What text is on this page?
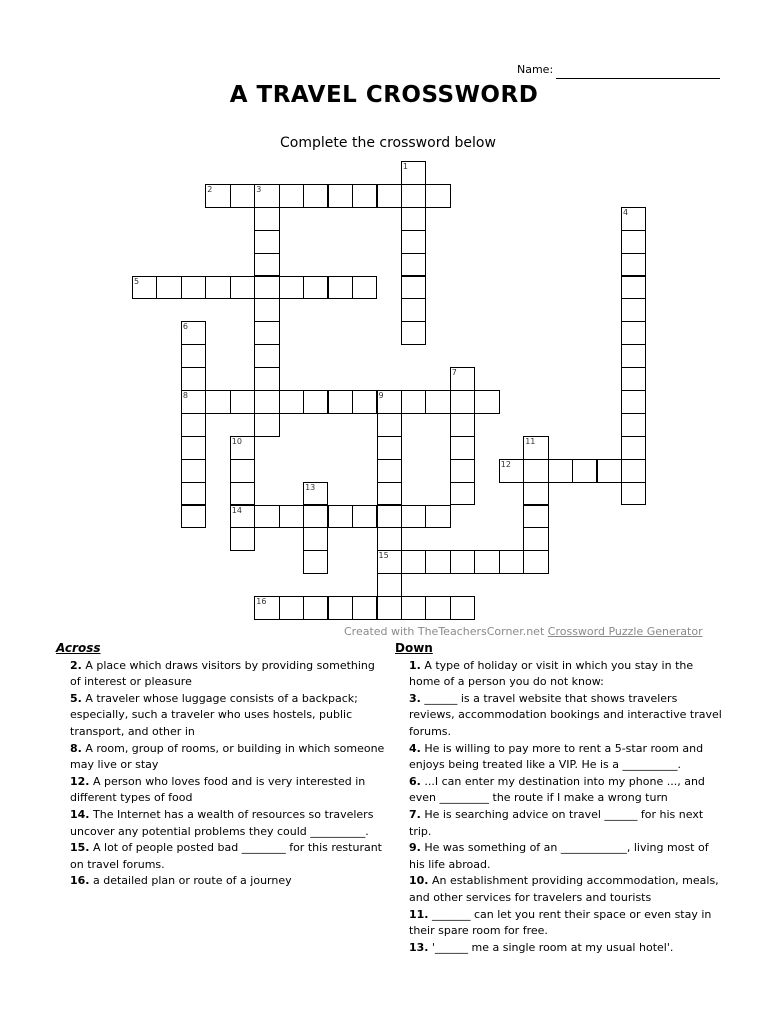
Name:
A TRAVEL CROSSWORD
Complete the crossword below
1
2	3
4
5
6
7
8	9
10	11
12
13
14
15
16
Created with TheTeachersCorner.net Crossword Puzzle Generator
Across
2. A place which draws visitors by providing something of interest or pleasure
5. A traveler whose luggage consists of a backpack; especially, such a traveler who uses hostels, public transport, and other in
8. A room, group of rooms, or building in which someone may live or stay
12. A person who loves food and is very interested in different types of food
14. The Internet has a wealth of resources so travelers uncover any potential problems they could __________.
15. A lot of people posted bad ________ for this resturant on travel forums.
16. a detailed plan or route of a journey
Down
1. A type of holiday or visit in which you stay in the home of a person you do not know:
3. ______ is a travel website that shows travelers reviews, accommodation bookings and interactive travel forums.
4. He is willing to pay more to rent a 5-star room and enjoys being treated like a VIP. He is a __________.
6. ...I can enter my destination into my phone ..., and even _________ the route if I make a wrong turn
7. He is searching advice on travel ______ for his next trip.
9. He was something of an ____________, living most of his life abroad.
10. An establishment providing accommodation, meals, and other services for travelers and tourists
11. _______ can let you rent their space or even stay in their spare room for free.
13. '______ me a single room at my usual hotel'.
